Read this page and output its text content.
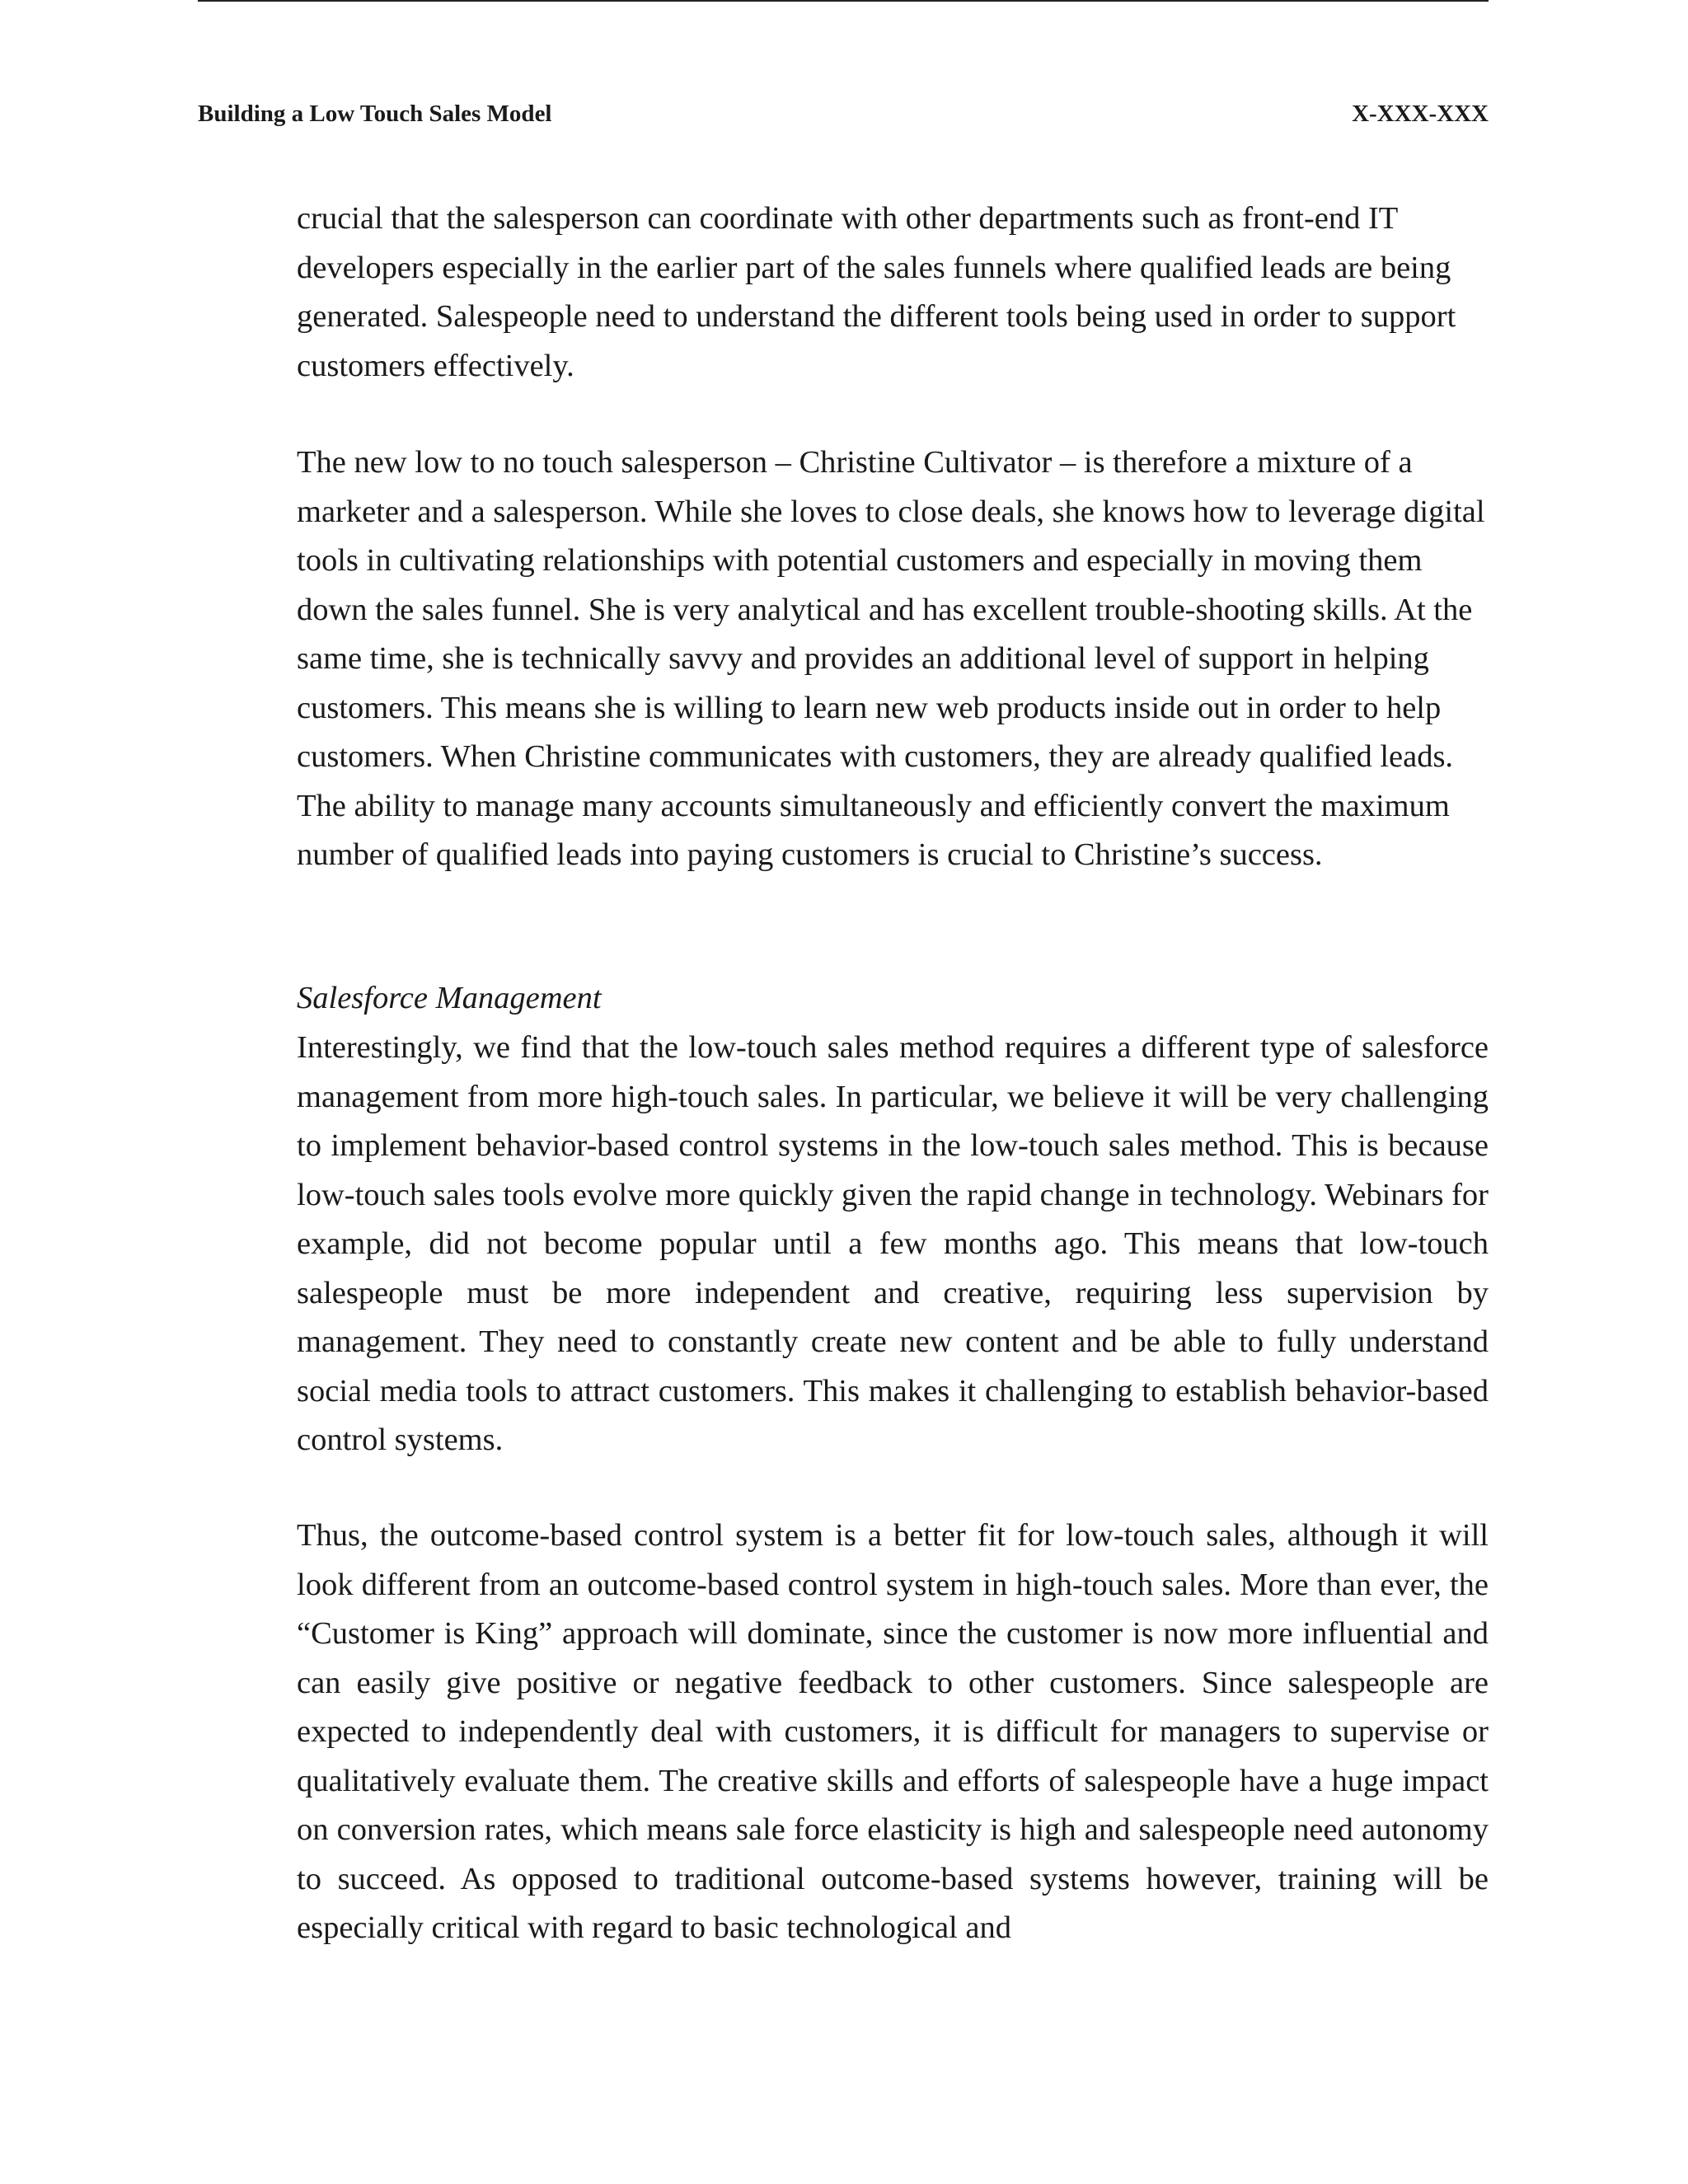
Building a Low Touch Sales Model	X-XXX-XXX

crucial that the salesperson can coordinate with other departments such as front-end IT developers especially in the earlier part of the sales funnels where qualified leads are being generated. Salespeople need to understand the different tools being used in order to support customers effectively.

The new low to no touch salesperson – Christine Cultivator – is therefore a mixture of a marketer and a salesperson. While she loves to close deals, she knows how to leverage digital tools in cultivating relationships with potential customers and especially in moving them down the sales funnel. She is very analytical and has excellent trouble-shooting skills. At the same time, she is technically savvy and provides an additional level of support in helping customers. This means she is willing to learn new web products inside out in order to help customers. When Christine communicates with customers, they are already qualified leads. The ability to manage many accounts simultaneously and efficiently convert the maximum number of qualified leads into paying customers is crucial to Christine’s success.

Salesforce Management

Interestingly, we find that the low-touch sales method requires a different type of salesforce management from more high-touch sales. In particular, we believe it will be very challenging to implement behavior-based control systems in the low-touch sales method. This is because low-touch sales tools evolve more quickly given the rapid change in technology. Webinars for example, did not become popular until a few months ago. This means that low-touch salespeople must be more independent and creative, requiring less supervision by management. They need to constantly create new content and be able to fully understand social media tools to attract customers. This makes it challenging to establish behavior-based control systems.

Thus, the outcome-based control system is a better fit for low-touch sales, although it will look different from an outcome-based control system in high-touch sales. More than ever, the “Customer is King” approach will dominate, since the customer is now more influential and can easily give positive or negative feedback to other customers. Since salespeople are expected to independently deal with customers, it is difficult for managers to supervise or qualitatively evaluate them. The creative skills and efforts of salespeople have a huge impact on conversion rates, which means sale force elasticity is high and salespeople need autonomy to succeed. As opposed to traditional outcome-based systems however, training will be especially critical with regard to basic technological and
